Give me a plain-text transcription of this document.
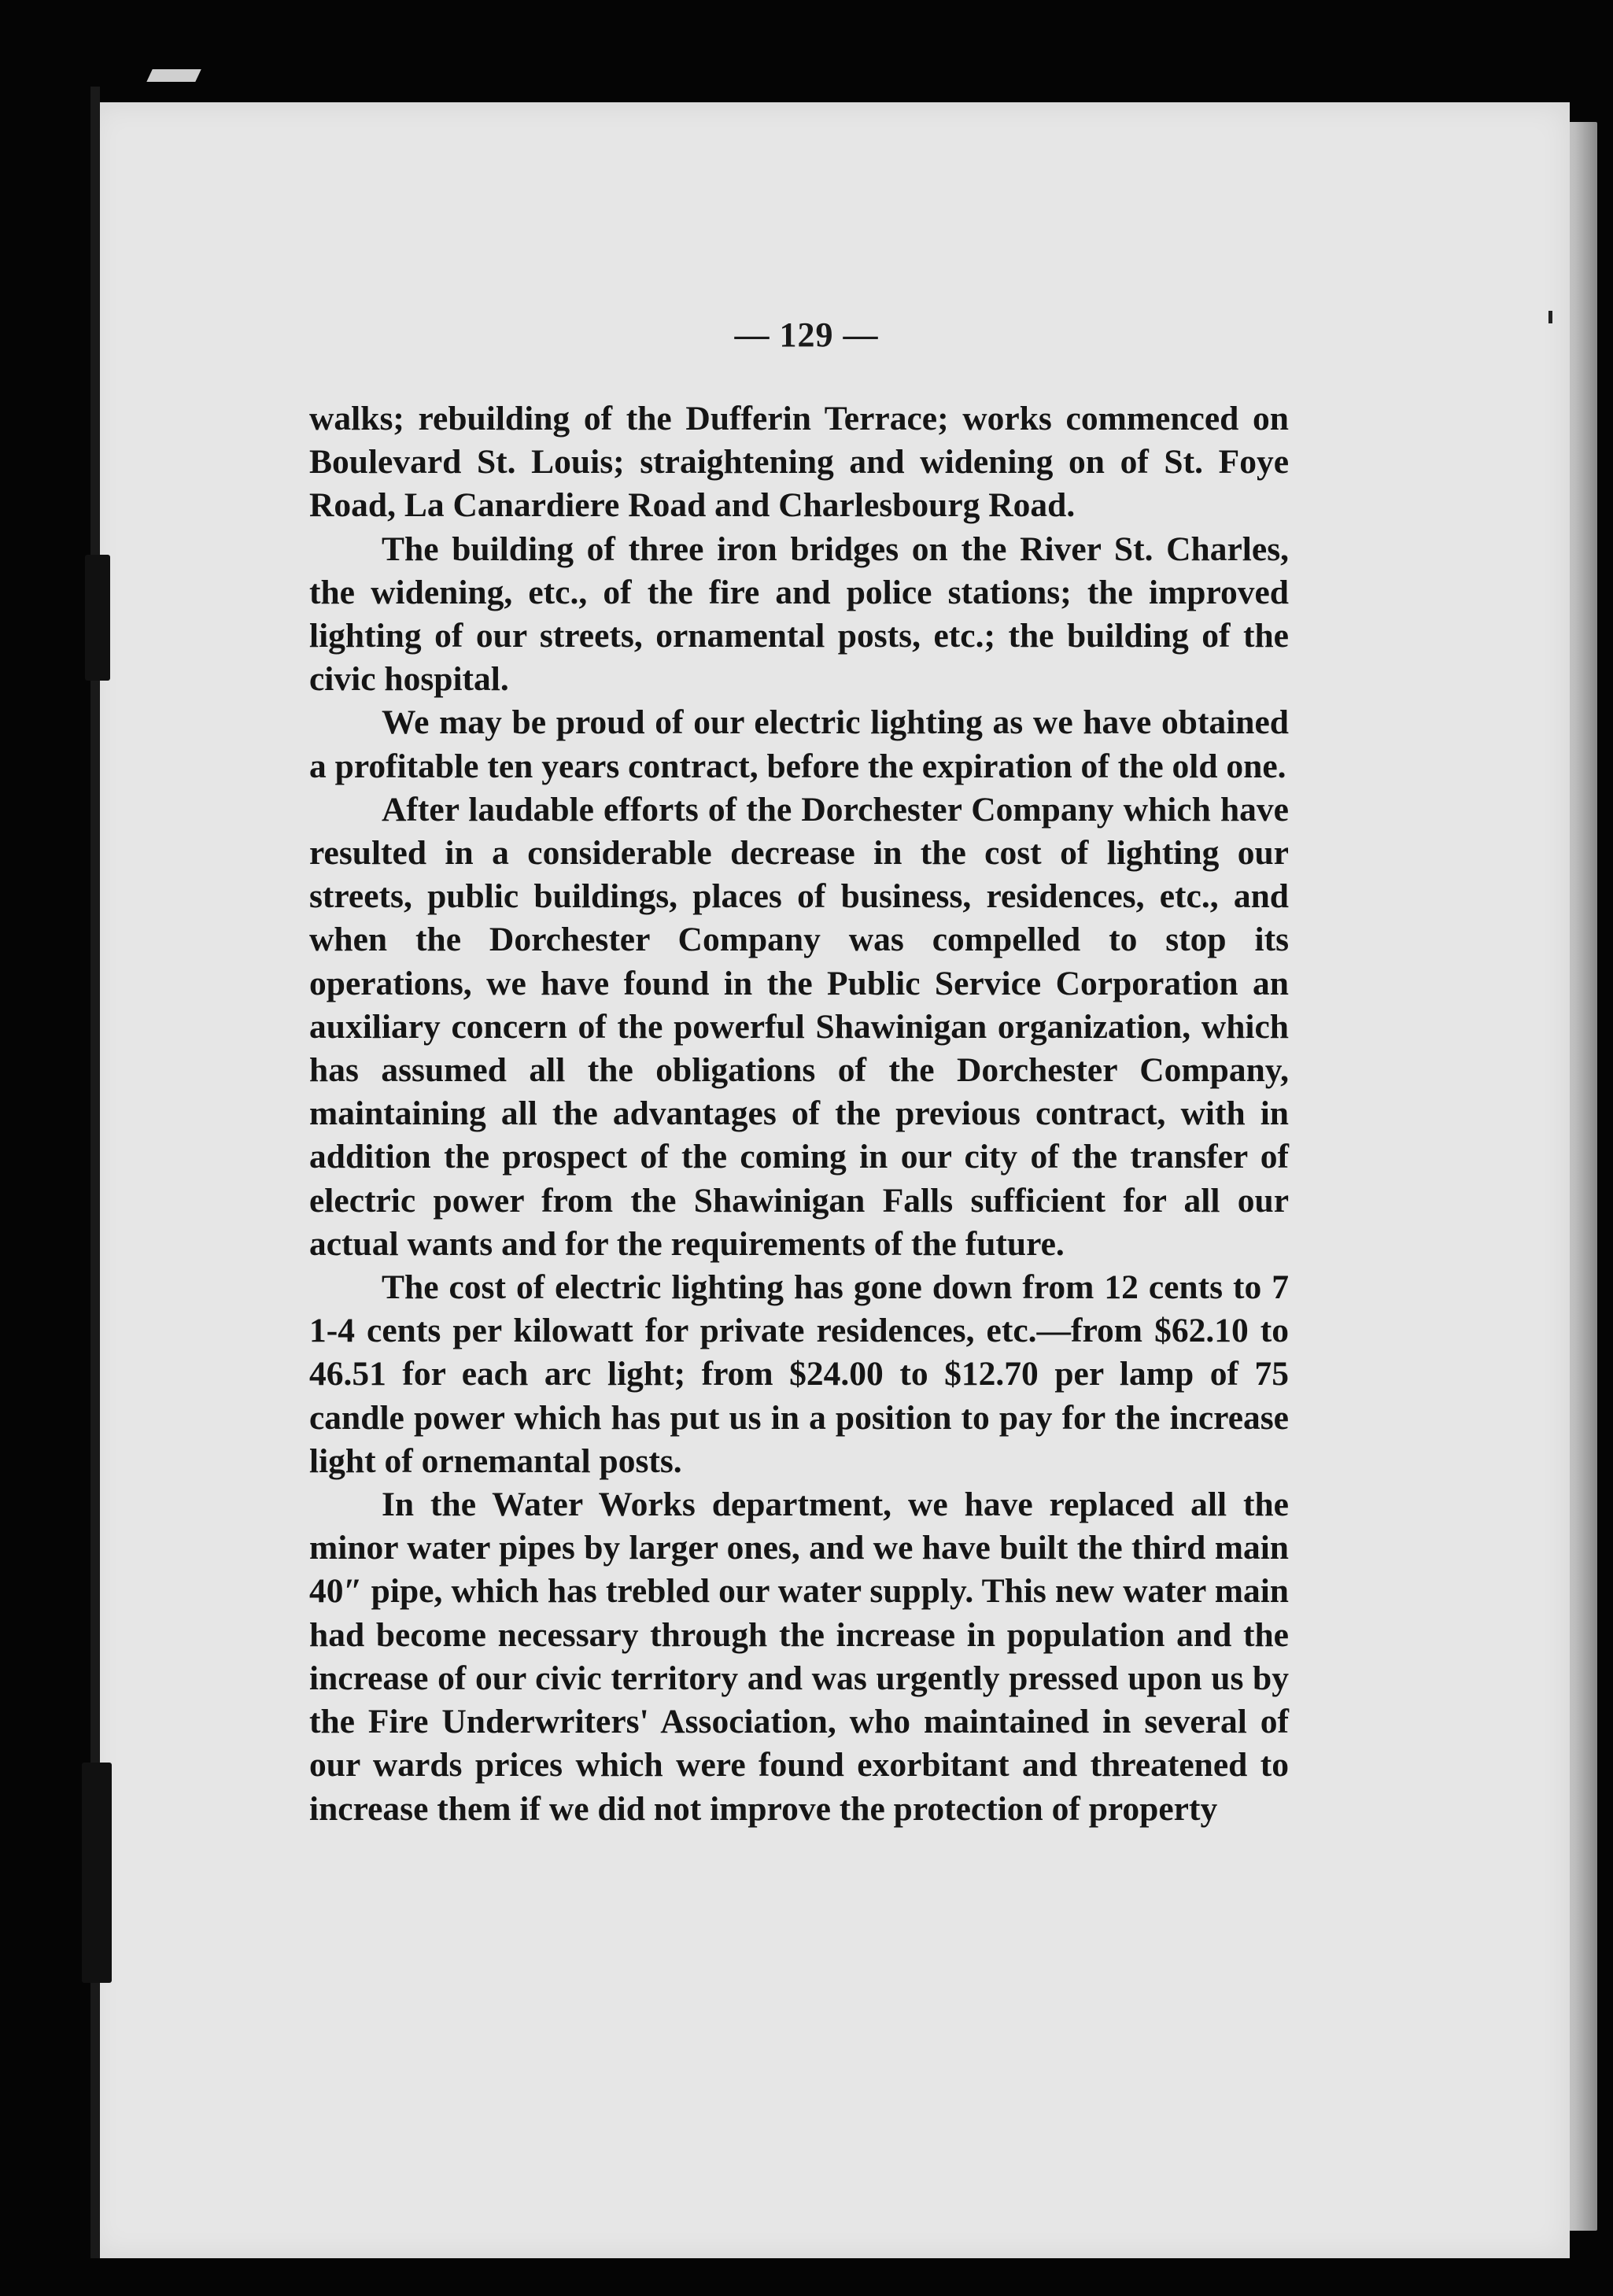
— 129 —

walks; rebuilding of the Dufferin Terrace; works commenced on Boulevard St. Louis; straightening and widening on of St. Foye Road, La Canardiere Road and Charlesbourg Road.

The building of three iron bridges on the River St. Charles, the widening, etc., of the fire and police stations; the improved lighting of our streets, ornamental posts, etc.; the building of the civic hospital.

We may be proud of our electric lighting as we have obtained a profitable ten years contract, before the expiration of the old one.

After laudable efforts of the Dorchester Company which have resulted in a considerable decrease in the cost of lighting our streets, public buildings, places of business, residences, etc., and when the Dorchester Company was compelled to stop its operations, we have found in the Public Service Corporation an auxiliary concern of the powerful Shawinigan organization, which has assumed all the obligations of the Dorchester Company, maintaining all the advantages of the previous contract, with in addition the prospect of the coming in our city of the transfer of electric power from the Shawinigan Falls sufficient for all our actual wants and for the requirements of the future.

The cost of electric lighting has gone down from 12 cents to 7 1-4 cents per kilowatt for private residences, etc.—from $62.10 to 46.51 for each arc light; from $24.00 to $12.70 per lamp of 75 candle power which has put us in a position to pay for the increase light of ornemantal posts.

In the Water Works department, we have replaced all the minor water pipes by larger ones, and we have built the third main 40″ pipe, which has trebled our water supply. This new water main had become necessary through the increase in population and the increase of our civic territory and was urgently pressed upon us by the Fire Underwriters' Association, who maintained in several of our wards prices which were found exorbitant and threatened to increase them if we did not improve the protection of property
